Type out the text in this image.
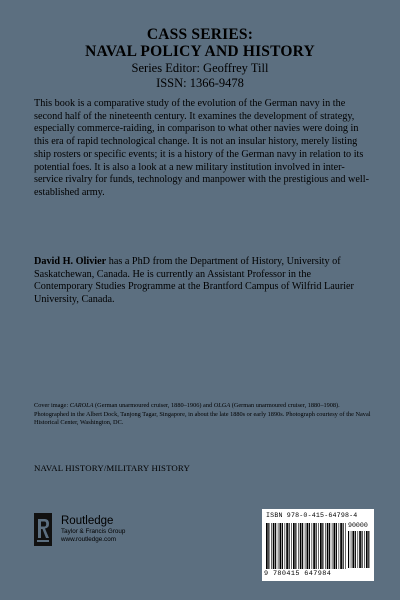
CASS SERIES:
NAVAL POLICY AND HISTORY
Series Editor: Geoffrey Till
ISSN: 1366-9478

This book is a comparative study of the evolution of the German navy in the second half of the nineteenth century. It examines the development of strategy, especially commerce-raiding, in comparison to what other navies were doing in this era of rapid technological change. It is not an insular history, merely listing ship rosters or specific events; it is a history of the German navy in relation to its potential foes. It is also a look at a new military institution involved in inter-service rivalry for funds, technology and manpower with the prestigious and well-established army.

David H. Olivier has a PhD from the Department of History, University of Saskatchewan, Canada. He is currently an Assistant Professor in the Contemporary Studies Programme at the Brantford Campus of Wilfrid Laurier University, Canada.

Cover image: CAROLA (German unarmoured cruiser, 1880–1906) and OLGA (German unarmoured cruiser, 1880–1908). Photographed in the Albert Dock, Tanjong Tagar, Singapore, in about the late 1880s or early 1890s. Photograph courtesy of the Naval Historical Center, Washington, DC.

NAVAL HISTORY/MILITARY HISTORY
Routledge
Taylor & Francis Group
www.routledge.com
ISBN 978-0-415-64798-4
90000
9 780415 647984
